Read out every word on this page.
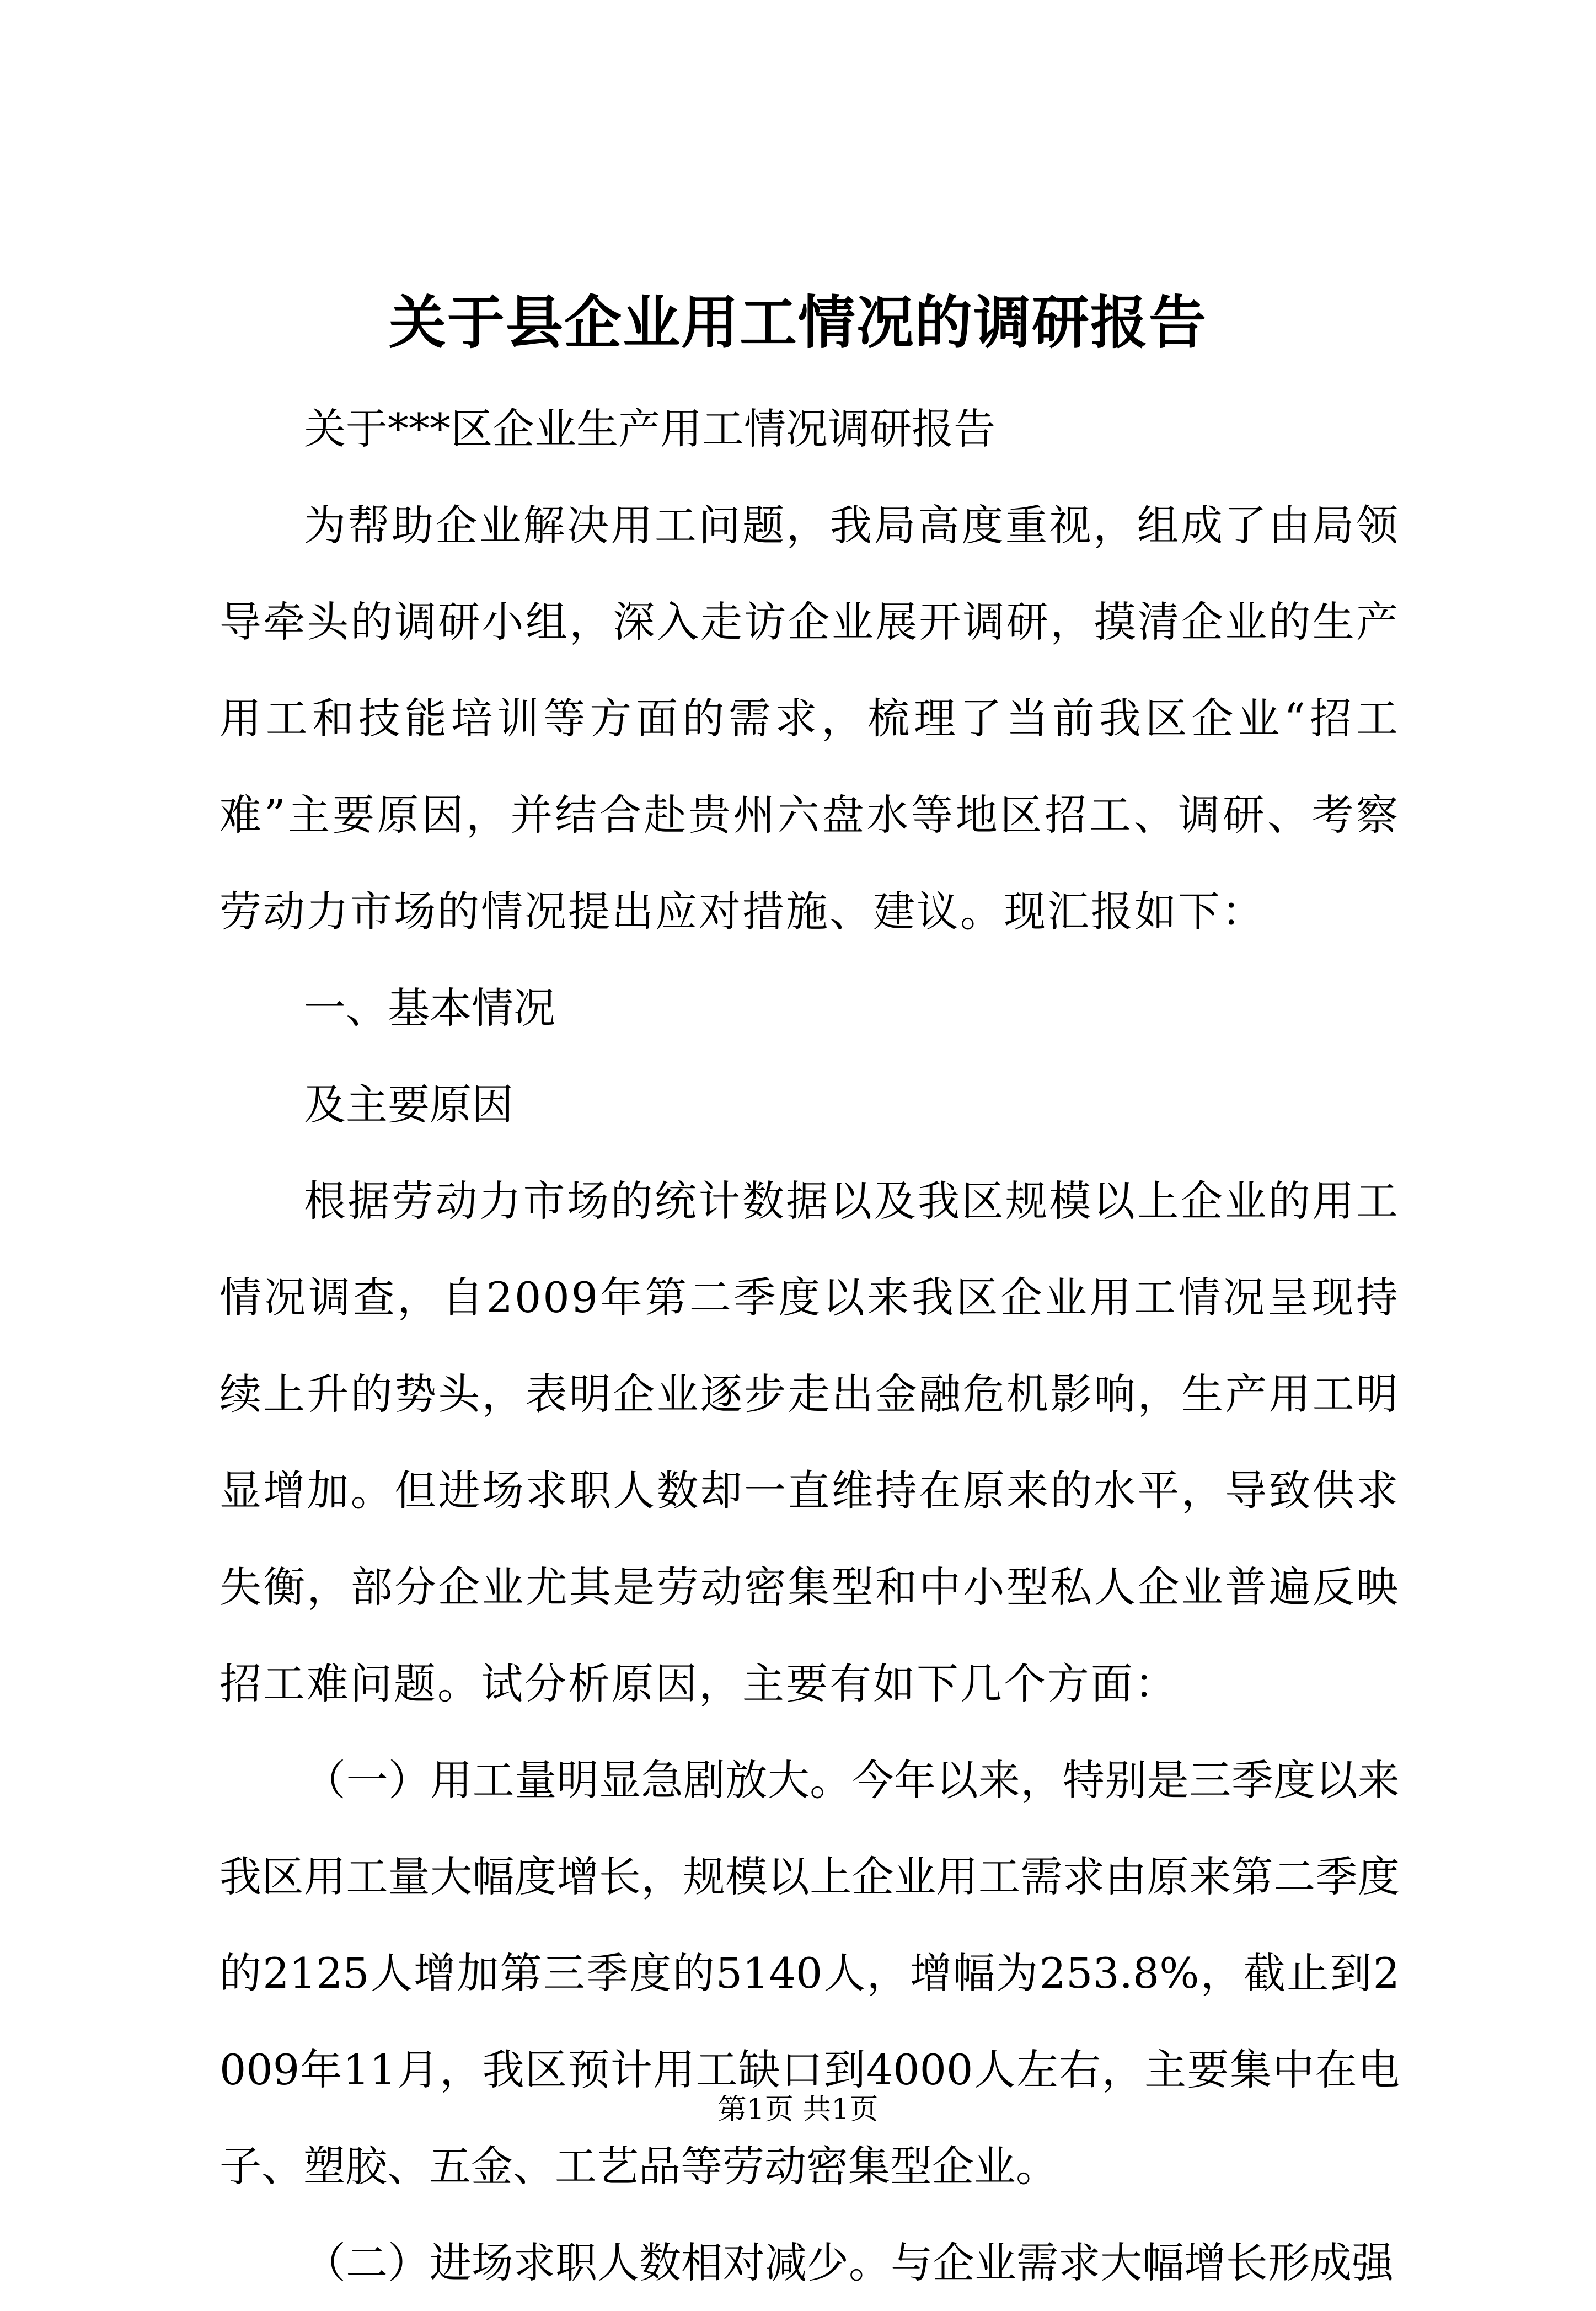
关于县企业用工情况的调研报告

关于***区企业生产用工情况调研报告

为帮助企业解决用工问题，我局高度重视，组成了由局领导牵头的调研小组，深入走访企业展开调研，摸清企业的生产用工和技能培训等方面的需求，梳理了当前我区企业“招工难”主要原因，并结合赴贵州六盘水等地区招工、调研、考察劳动力市场的情况提出应对措施、建议。现汇报如下：

一、基本情况

及主要原因

根据劳动力市场的统计数据以及我区规模以上企业的用工情况调查，自2009年第二季度以来我区企业用工情况呈现持续上升的势头，表明企业逐步走出金融危机影响，生产用工明显增加。但进场求职人数却一直维持在原来的水平，导致供求失衡，部分企业尤其是劳动密集型和中小型私人企业普遍反映招工难问题。试分析原因，主要有如下几个方面：

（一）用工量明显急剧放大。今年以来，特别是三季度以来我区用工量大幅度增长，规模以上企业用工需求由原来第二季度的2125人增加第三季度的5140人，增幅为253.8%，截止到2009年11月，我区预计用工缺口到4000人左右，主要集中在电子、塑胶、五金、工艺品等劳动密集型企业。

（二）进场求职人数相对减少。与企业需求大幅增长形成强

第1页 共1页
